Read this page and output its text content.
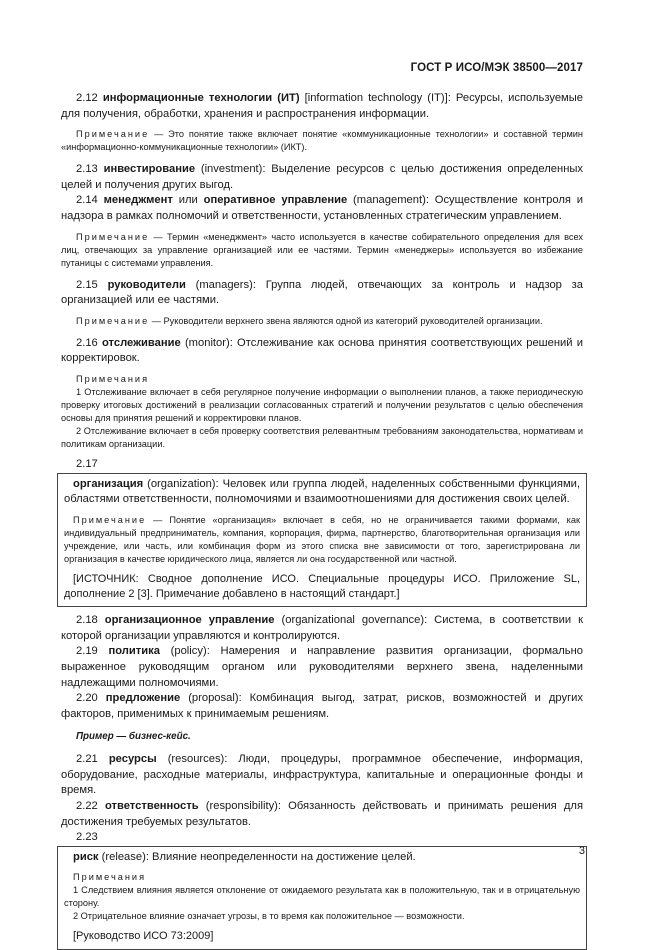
ГОСТ Р ИСО/МЭК 38500—2017

2.12 информационные технологии (ИТ) [information technology (IT)]: Ресурсы, используемые для получения, обработки, хранения и распространения информации.

Примечание — Это понятие также включает понятие «коммуникационные технологии» и составной термин «информационно-коммуникационные технологии» (ИКТ).

2.13 инвестирование (investment): Выделение ресурсов с целью достижения определенных целей и получения других выгод.

2.14 менеджмент или оперативное управление (management): Осуществление контроля и надзора в рамках полномочий и ответственности, установленных стратегическим управлением.

Примечание — Термин «менеджмент» часто используется в качестве собирательного определения для всех лиц, отвечающих за управление организацией или ее частями. Термин «менеджеры» используется во избежание путаницы с системами управления.

2.15 руководители (managers): Группа людей, отвечающих за контроль и надзор за организацией или ее частями.

Примечание — Руководители верхнего звена являются одной из категорий руководителей организации.

2.16 отслеживание (monitor): Отслеживание как основа принятия соответствующих решений и корректировок.

Примечания

1 Отслеживание включает в себя регулярное получение информации о выполнении планов, а также периодическую проверку итоговых достижений в реализации согласованных стратегий и получении результатов с целью обеспечения основы для принятия решений и корректировки планов.

2 Отслеживание включает в себя проверку соответствия релевантным требованиям законодательства, нормативам и политикам организации.

2.17

организация (organization): Человек или группа людей, наделенных собственными функциями, областями ответственности, полномочиями и взаимоотношениями для достижения своих целей.

Примечание — Понятие «организация» включает в себя, но не ограничивается такими формами, как индивидуальный предприниматель, компания, корпорация, фирма, партнерство, благотворительная организация или учреждение, или часть, или комбинация форм из этого списка вне зависимости от того, зарегистрирована ли организация в качестве юридического лица, является ли она государственной или частной.

[ИСТОЧНИК: Сводное дополнение ИСО. Специальные процедуры ИСО. Приложение SL, дополнение 2 [3]. Примечание добавлено в настоящий стандарт.]

2.18 организационное управление (organizational governance): Система, в соответствии к которой организации управляются и контролируются.

2.19 политика (policy): Намерения и направление развития организации, формально выраженное руководящим органом или руководителями верхнего звена, наделенными надлежащими полномочиями.

2.20 предложение (proposal): Комбинация выгод, затрат, рисков, возможностей и других факторов, применимых к принимаемым решениям.

Пример — бизнес-кейс.

2.21 ресурсы (resources): Люди, процедуры, программное обеспечение, информация, оборудование, расходные материалы, инфраструктура, капитальные и операционные фонды и время.

2.22 ответственность (responsibility): Обязанность действовать и принимать решения для достижения требуемых результатов.

2.23

риск (release): Влияние неопределенности на достижение целей.

Примечания

1 Следствием влияния является отклонение от ожидаемого результата как в положительную, так и в отрицательную сторону.

2 Отрицательное влияние означает угрозы, в то время как положительное — возможности.

[Руководство ИСО 73:2009]

3
